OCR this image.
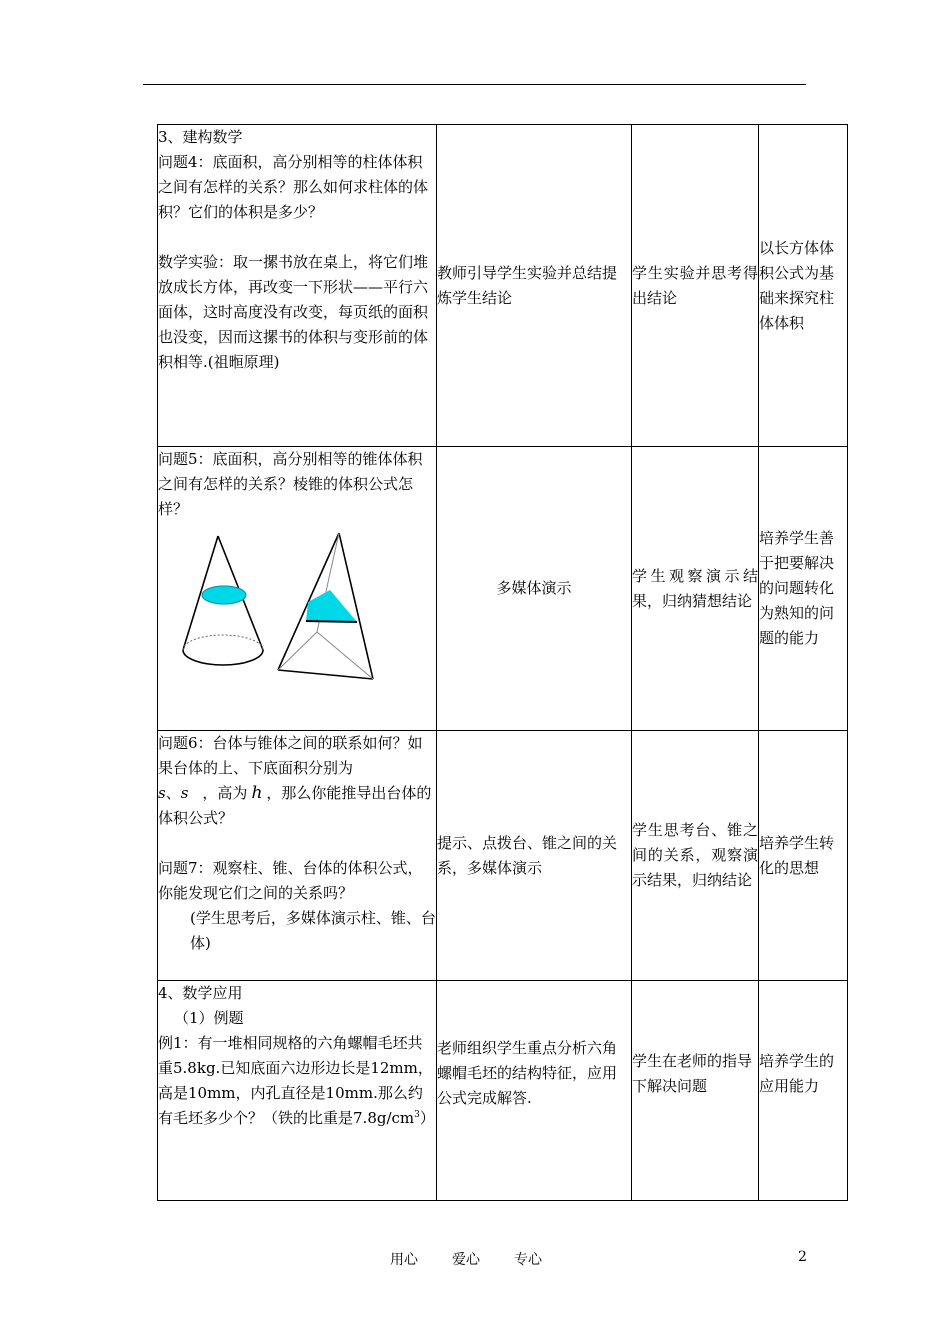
3、建构数学

问题4：底面积，高分别相等的柱体体积之间有怎样的关系？那么如何求柱体的体积？它们的体积是多少？

数学实验：取一摞书放在桌上，将它们堆放成长方体，再改变一下形状——平行六面体，这时高度没有改变，每页纸的面积也没变，因而这摞书的体积与变形前的体积相等.(祖暅原理)	教师引导学生实验并总结提炼学生结论	学生实验并思考得出结论	以长方体体积公式为基础来探究柱体体积

问题5：底面积，高分别相等的锥体体积之间有怎样的关系？棱锥的体积公式怎样？	多媒体演示	学生观察演示结果，归纳猜想结论	培养学生善于把要解决的问题转化为熟知的问题的能力

问题6：台体与锥体之间的联系如何？如果台体的上、下底面积分别为
s、s ，高为 h ，那么你能推导出台体的体积公式？

问题7：观察柱、锥、台体的体积公式，你能发现它们之间的关系吗？

(学生思考后，多媒体演示柱、锥、台体)	提示、点拨台、锥之间的关系，多媒体演示	学生思考台、锥之间的关系，观察演示结果，归纳结论	培养学生转化的思想

4、数学应用

（1）例题

例1：有一堆相同规格的六角螺帽毛坯共重5.8kg.已知底面六边形边长是12mm，高是10mm，内孔直径是10mm.那么约有毛坯多少个？（铁的比重是$7.8g/cm^3$）	老师组织学生重点分析六角螺帽毛坯的结构特征，应用公式完成解答.	学生在老师的指导下解决问题	培养学生的应用能力

用心 爱心 专心	2
